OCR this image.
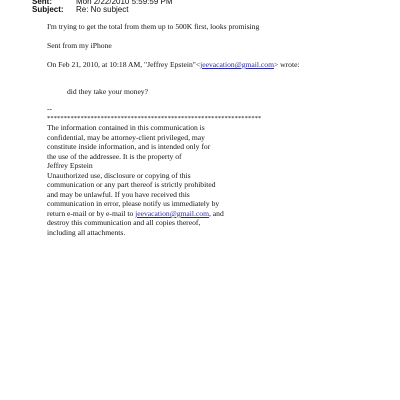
Sent:	Mon 2/22/2010 5:59:59 PM
Subject: Re: No subject
I'm trying to get the total from them up to 500K first, looks promising
Sent from my iPhone
On Feb 21, 2010, at 10:18 AM, "Jeffrey Epstein"<jeevacation@gmail.com> wrote:
did they take your money?
--
****************************************************************
The information contained in this communication is
confidential, may be attorney-client privileged, may
constitute inside information, and is intended only for
the use of the addressee. It is the property of
Jeffrey Epstein
Unauthorized use, disclosure or copying of this
communication or any part thereof is strictly prohibited
and may be unlawful. If you have received this
communication in error, please notify us immediately by
return e-mail or by e-mail to jeevacation@gmail.com, and
destroy this communication and all copies thereof,
including all attachments.
